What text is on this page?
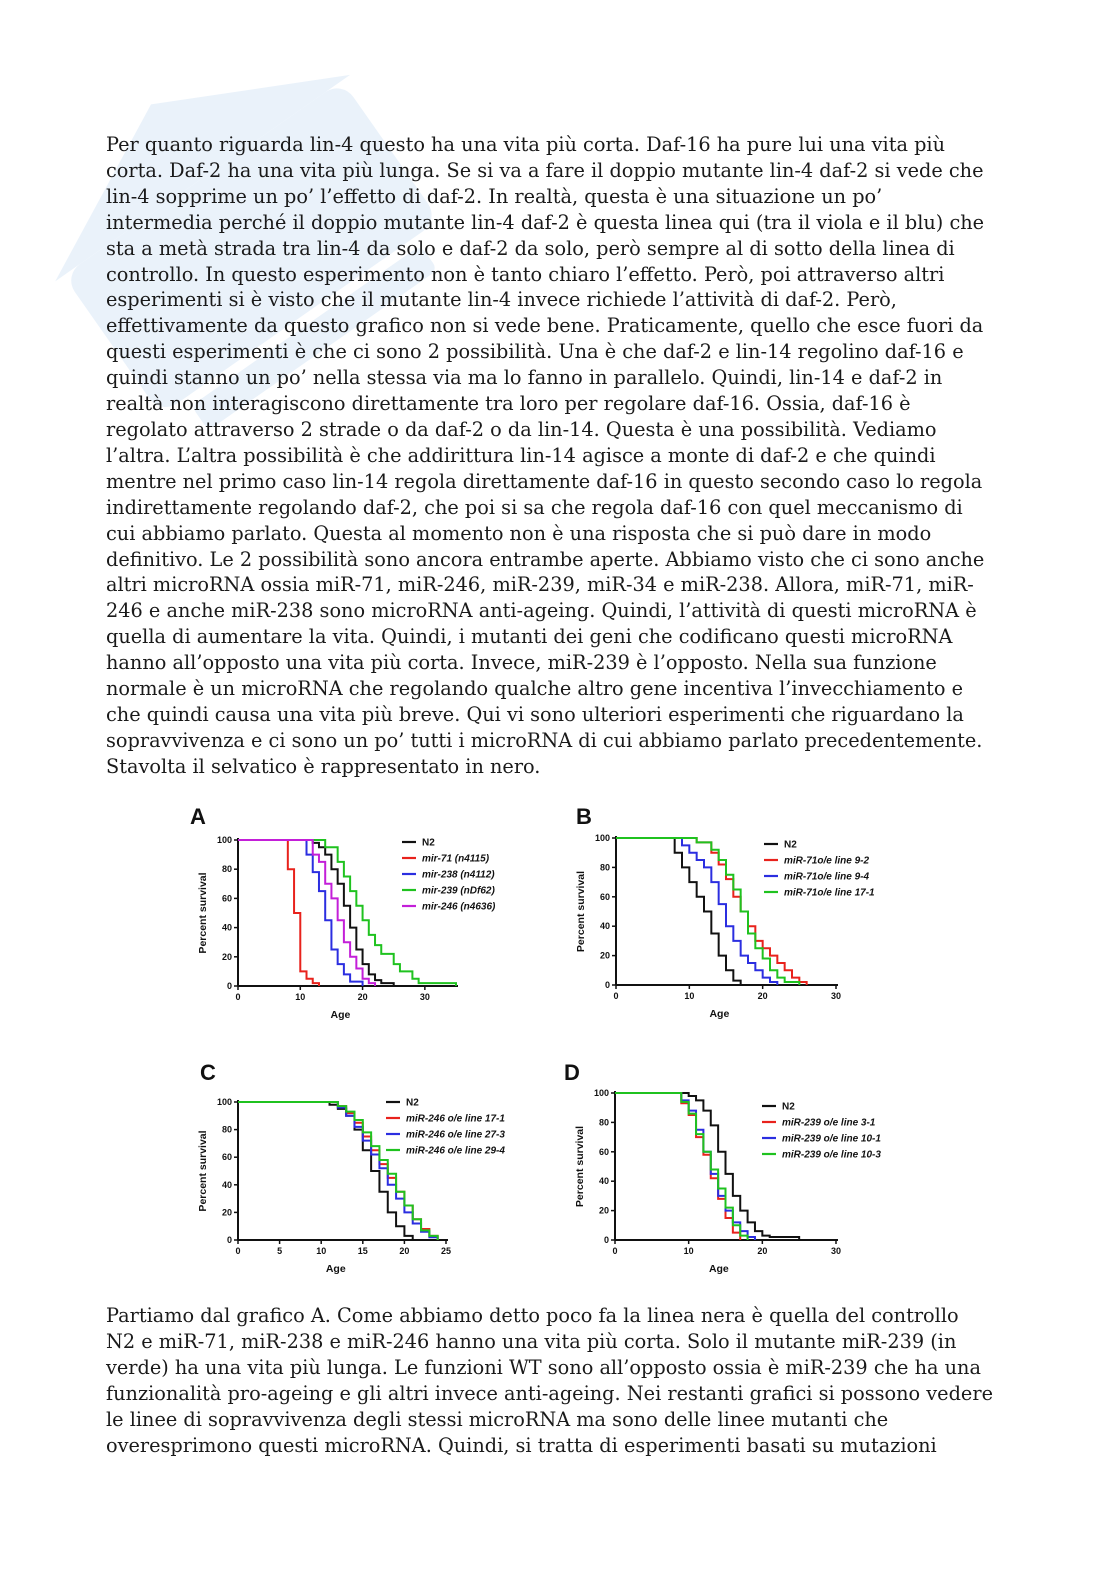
Per quanto riguarda lin-4 questo ha una vita più corta. Daf-16 ha pure lui una vita più
corta. Daf-2 ha una vita più lunga. Se si va a fare il doppio mutante lin-4 daf-2 si vede che
lin-4 sopprime un po’ l’effetto di daf-2. In realtà, questa è una situazione un po’
intermedia perché il doppio mutante lin-4 daf-2 è questa linea qui (tra il viola e il blu) che
sta a metà strada tra lin-4 da solo e daf-2 da solo, però sempre al di sotto della linea di
controllo. In questo esperimento non è tanto chiaro l’effetto. Però, poi attraverso altri
esperimenti si è visto che il mutante lin-4 invece richiede l’attività di daf-2. Però,
effettivamente da questo grafico non si vede bene. Praticamente, quello che esce fuori da
questi esperimenti è che ci sono 2 possibilità. Una è che daf-2 e lin-14 regolino daf-16 e
quindi stanno un po’ nella stessa via ma lo fanno in parallelo. Quindi, lin-14 e daf-2 in
realtà non interagiscono direttamente tra loro per regolare daf-16. Ossia, daf-16 è
regolato attraverso 2 strade o da daf-2 o da lin-14. Questa è una possibilità. Vediamo
l’altra. L’altra possibilità è che addirittura lin-14 agisce a monte di daf-2 e che quindi
mentre nel primo caso lin-14 regola direttamente daf-16 in questo secondo caso lo regola
indirettamente regolando daf-2, che poi si sa che regola daf-16 con quel meccanismo di
cui abbiamo parlato. Questa al momento non è una risposta che si può dare in modo
definitivo. Le 2 possibilità sono ancora entrambe aperte. Abbiamo visto che ci sono anche
altri microRNA ossia miR-71, miR-246, miR-239, miR-34 e miR-238. Allora, miR-71, miR-
246 e anche miR-238 sono microRNA anti-ageing. Quindi, l’attività di questi microRNA è
quella di aumentare la vita. Quindi, i mutanti dei geni che codificano questi microRNA
hanno all’opposto una vita più corta. Invece, miR-239 è l’opposto. Nella sua funzione
normale è un microRNA che regolando qualche altro gene incentiva l’invecchiamento e
che quindi causa una vita più breve. Qui vi sono ulteriori esperimenti che riguardano la
sopravvivenza e ci sono un po’ tutti i microRNA di cui abbiamo parlato precedentemente.
Stavolta il selvatico è rappresentato in nero.
A
0
20
40
60
80
100
0	10	20	30
Age
Percent survival
N2
mir-71 (n4115)
mir-238 (n4112)
mir-239 (nDf62)
mir-246 (n4636)
B
0
20
40
60
80
100
0	10	20	30
Age
Percent survival
N2
miR-71o/e line 9-2
miR-71o/e line 9-4
miR-71o/e line 17-1
C
0
20
40
60
80
100
0	5	10	15	20	25
Age
Percent survival
N2
miR-246 o/e line 17-1
miR-246 o/e line 27-3
miR-246 o/e line 29-4
D
0
20
40
60
80
100
0	10	20	30
Age
Percent survival
N2
miR-239 o/e line 3-1
miR-239 o/e line 10-1
miR-239 o/e line 10-3
Partiamo dal grafico A. Come abbiamo detto poco fa la linea nera è quella del controllo
N2 e miR-71, miR-238 e miR-246 hanno una vita più corta. Solo il mutante miR-239 (in
verde) ha una vita più lunga. Le funzioni WT sono all’opposto ossia è miR-239 che ha una
funzionalità pro-ageing e gli altri invece anti-ageing. Nei restanti grafici si possono vedere
le linee di sopravvivenza degli stessi microRNA ma sono delle linee mutanti che
overesprimono questi microRNA. Quindi, si tratta di esperimenti basati su mutazioni
